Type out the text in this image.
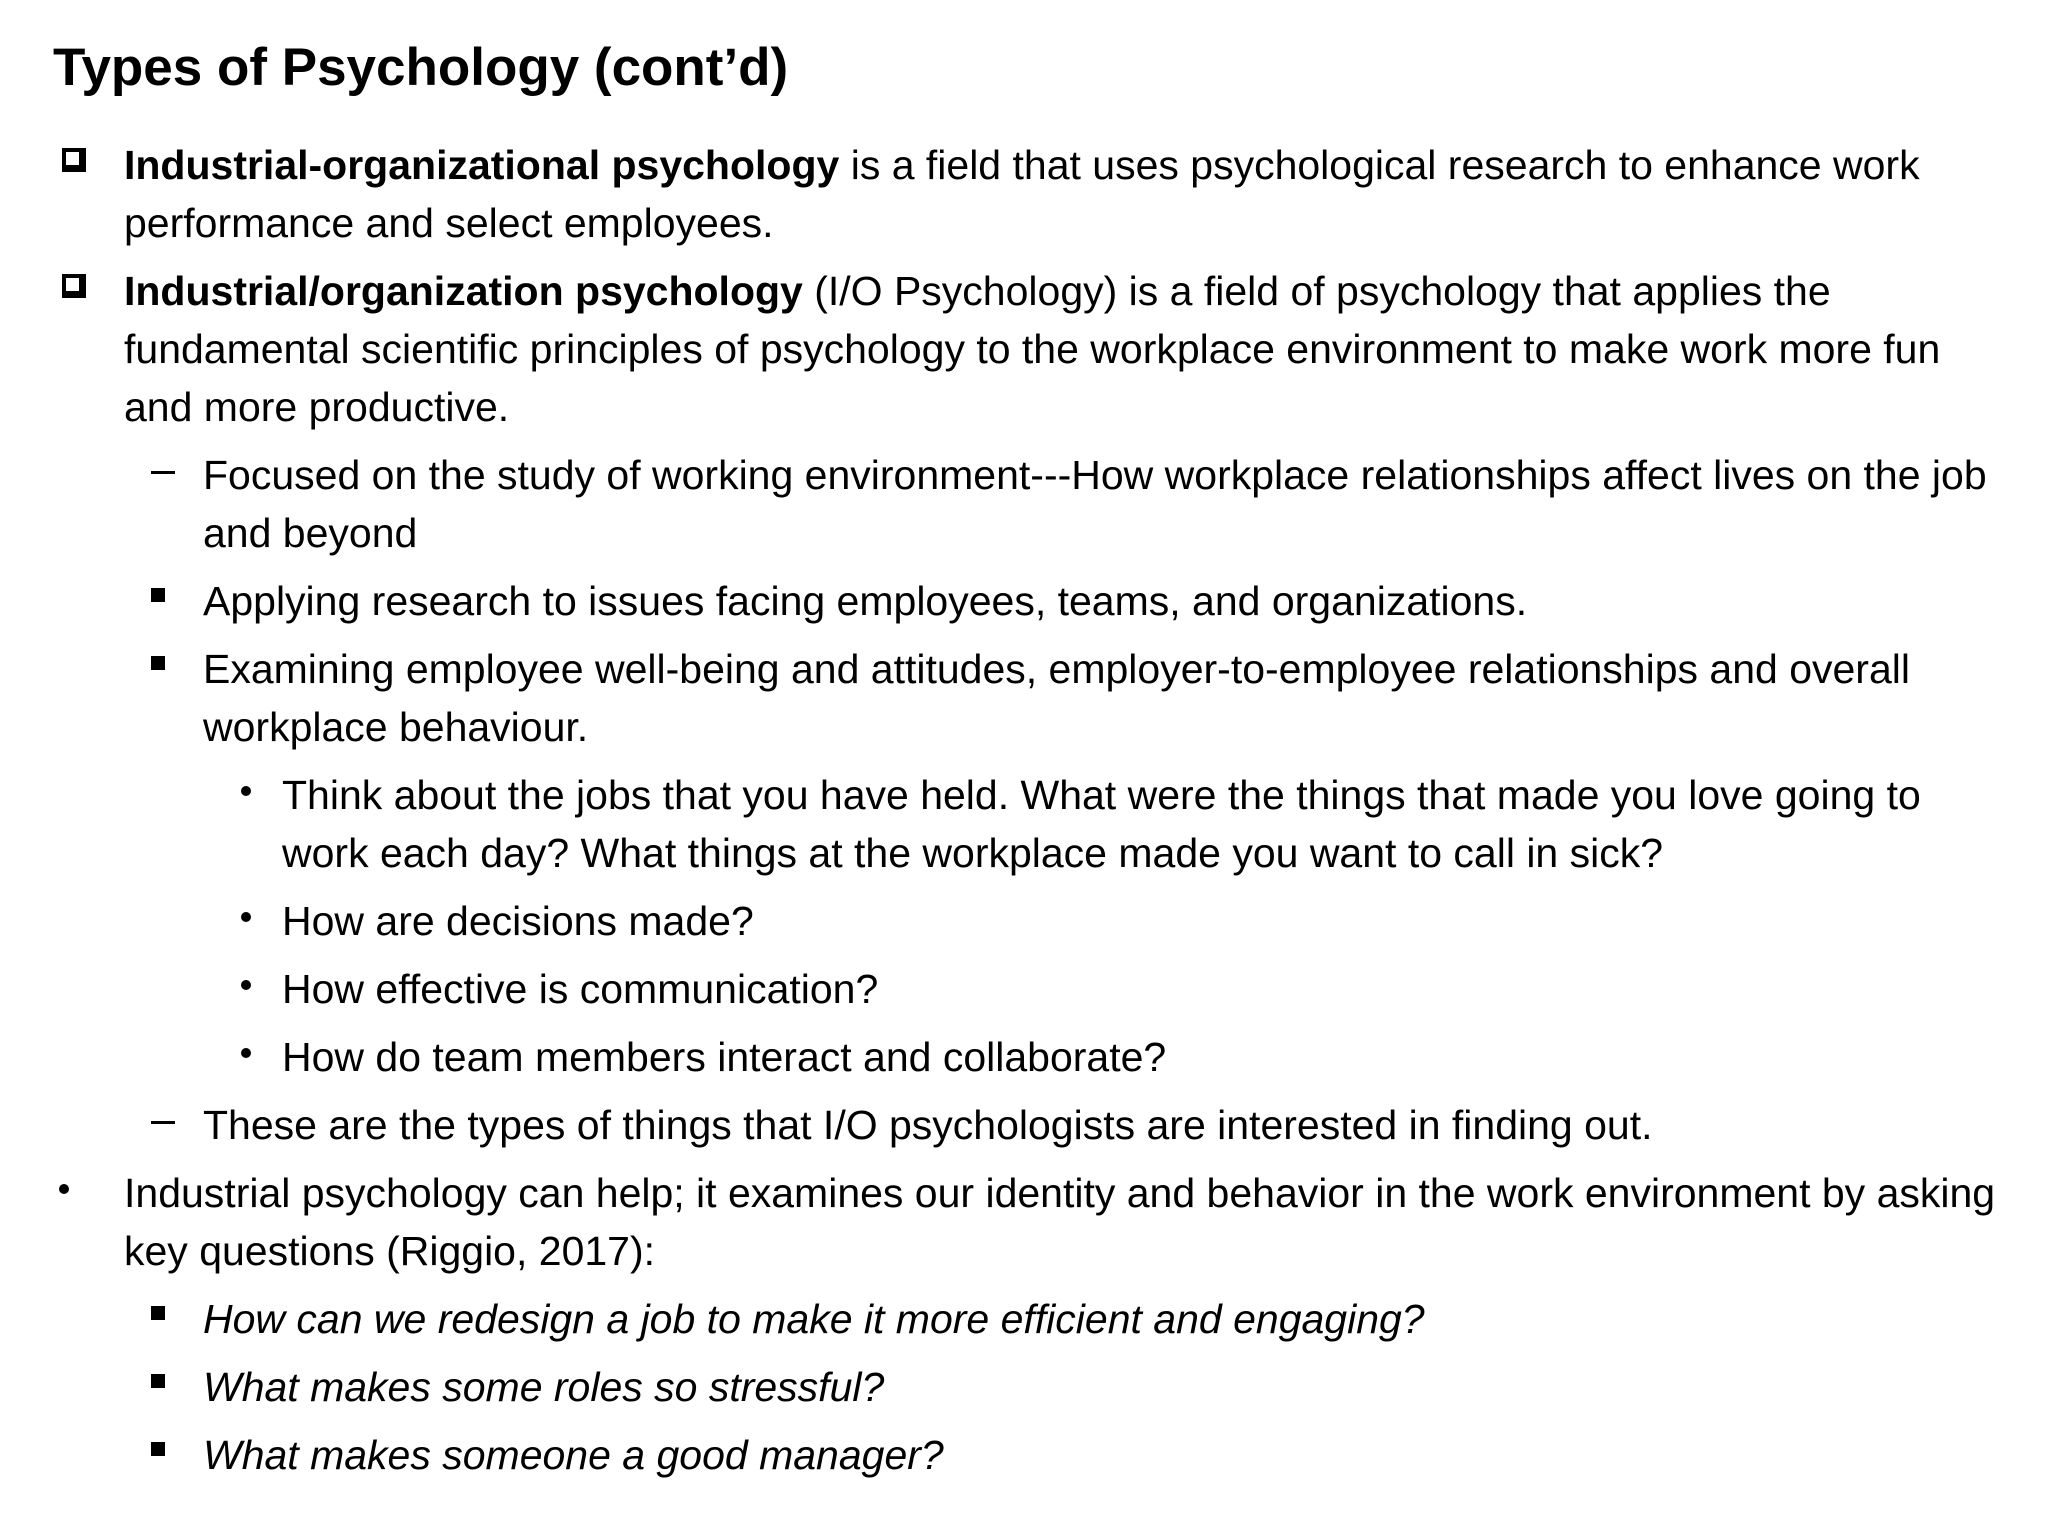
Types of Psychology (cont’d)
Industrial-organizational psychology is a field that uses psychological research to enhance work performance and select employees.
Industrial/organization psychology (I/O Psychology) is a field of psychology that applies the fundamental scientific principles of psychology to the workplace environment to make work more fun and more productive.
Focused on the study of working environment---How workplace relationships affect lives on the job and beyond
Applying research to issues facing employees, teams, and organizations.
Examining employee well-being and attitudes, employer-to-employee relationships and overall workplace behaviour.
Think about the jobs that you have held. What were the things that made you love going to work each day? What things at the workplace made you want to call in sick?
How are decisions made?
How effective is communication?
How do team members interact and collaborate?
These are the types of things that I/O psychologists are interested in finding out.
Industrial psychology can help; it examines our identity and behavior in the work environment by asking key questions (Riggio, 2017):
How can we redesign a job to make it more efficient and engaging?
What makes some roles so stressful?
What makes someone a good manager?
